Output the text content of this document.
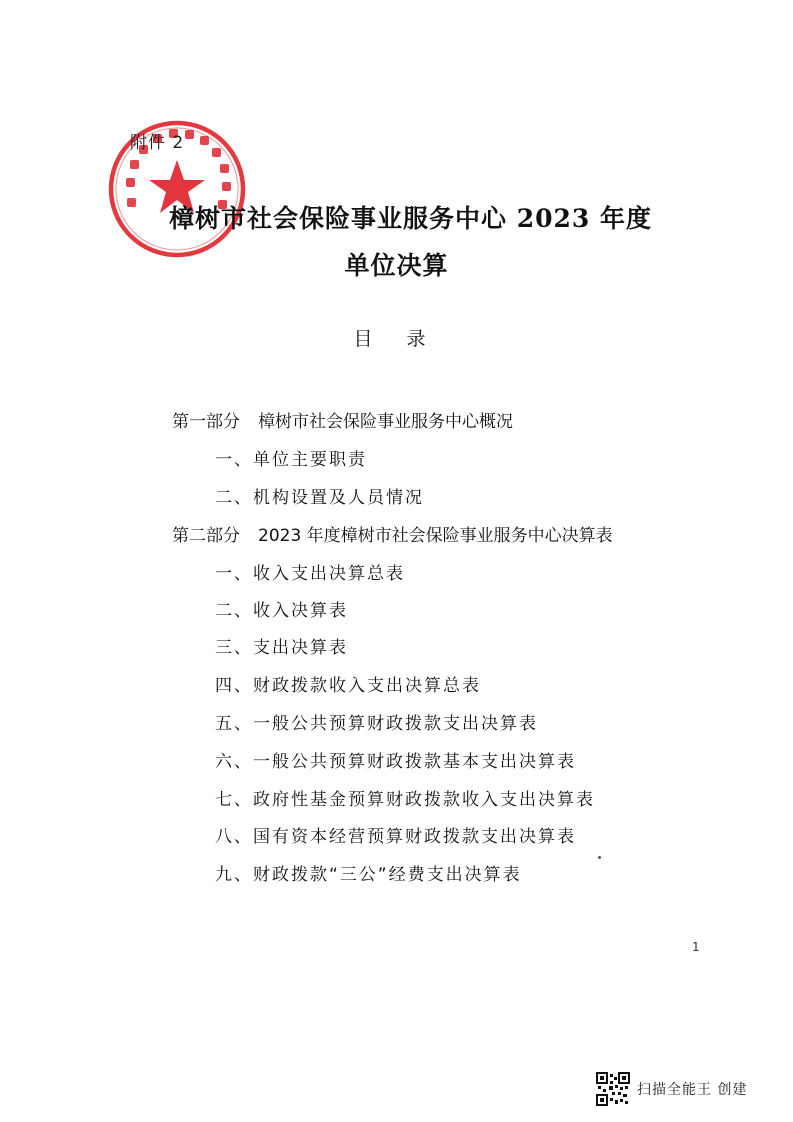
附件 2
樟树市社会保险事业服务中心 2023 年度
单位决算
目 录
第一部分 樟树市社会保险事业服务中心概况
一、单位主要职责
二、机构设置及人员情况
第二部分 2023 年度樟树市社会保险事业服务中心决算表
一、收入支出决算总表
二、收入决算表
三、支出决算表
四、财政拨款收入支出决算总表
五、一般公共预算财政拨款支出决算表
六、一般公共预算财政拨款基本支出决算表
七、政府性基金预算财政拨款收入支出决算表
八、国有资本经营预算财政拨款支出决算表
九、财政拨款“三公”经费支出决算表
1
扫描全能王 创建
